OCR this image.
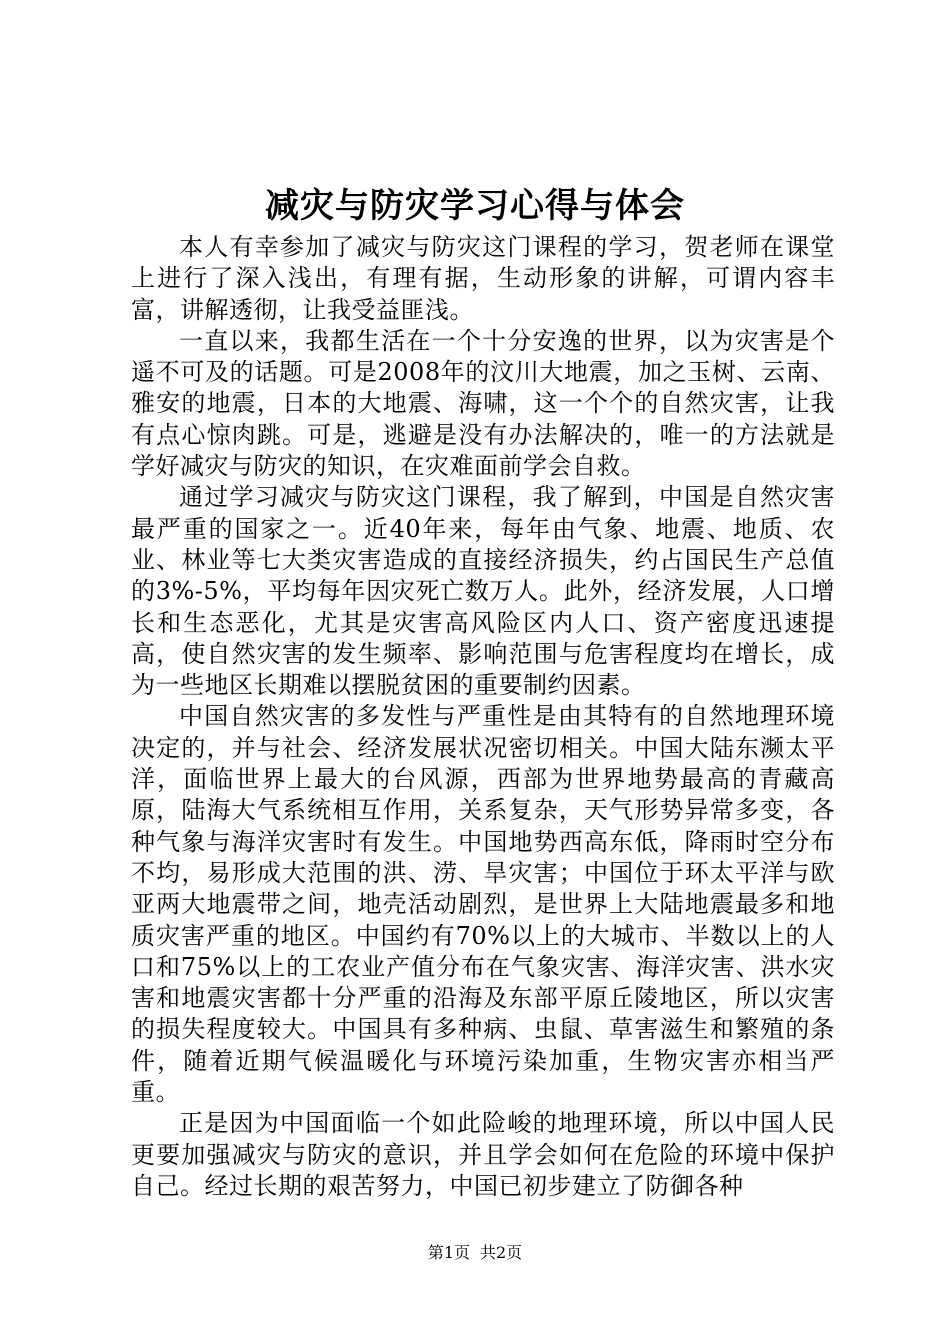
减灾与防灾学习心得与体会

本人有幸参加了减灾与防灾这门课程的学习，贺老师在课堂上进行了深入浅出，有理有据，生动形象的讲解，可谓内容丰富，讲解透彻，让我受益匪浅。

一直以来，我都生活在一个十分安逸的世界，以为灾害是个遥不可及的话题。可是2008年的汶川大地震，加之玉树、云南、雅安的地震，日本的大地震、海啸，这一个个的自然灾害，让我有点心惊肉跳。可是，逃避是没有办法解决的，唯一的方法就是学好减灾与防灾的知识，在灾难面前学会自救。

通过学习减灾与防灾这门课程，我了解到，中国是自然灾害最严重的国家之一。近40年来，每年由气象、地震、地质、农业、林业等七大类灾害造成的直接经济损失，约占国民生产总值的3%-5%，平均每年因灾死亡数万人。此外，经济发展，人口增长和生态恶化，尤其是灾害高风险区内人口、资产密度迅速提高，使自然灾害的发生频率、影响范围与危害程度均在增长，成为一些地区长期难以摆脱贫困的重要制约因素。

中国自然灾害的多发性与严重性是由其特有的自然地理环境决定的，并与社会、经济发展状况密切相关。中国大陆东濒太平洋，面临世界上最大的台风源，西部为世界地势最高的青藏高原，陆海大气系统相互作用，关系复杂，天气形势异常多变，各种气象与海洋灾害时有发生。中国地势西高东低，降雨时空分布不均，易形成大范围的洪、涝、旱灾害；中国位于环太平洋与欧亚两大地震带之间，地壳活动剧烈，是世界上大陆地震最多和地质灾害严重的地区。中国约有70%以上的大城市、半数以上的人口和75%以上的工农业产值分布在气象灾害、海洋灾害、洪水灾害和地震灾害都十分严重的沿海及东部平原丘陵地区，所以灾害的损失程度较大。中国具有多种病、虫鼠、草害滋生和繁殖的条件，随着近期气候温暖化与环境污染加重，生物灾害亦相当严重。

正是因为中国面临一个如此险峻的地理环境，所以中国人民更要加强减灾与防灾的意识，并且学会如何在危险的环境中保护自己。经过长期的艰苦努力，中国已初步建立了防御各种

第1页 共2页
